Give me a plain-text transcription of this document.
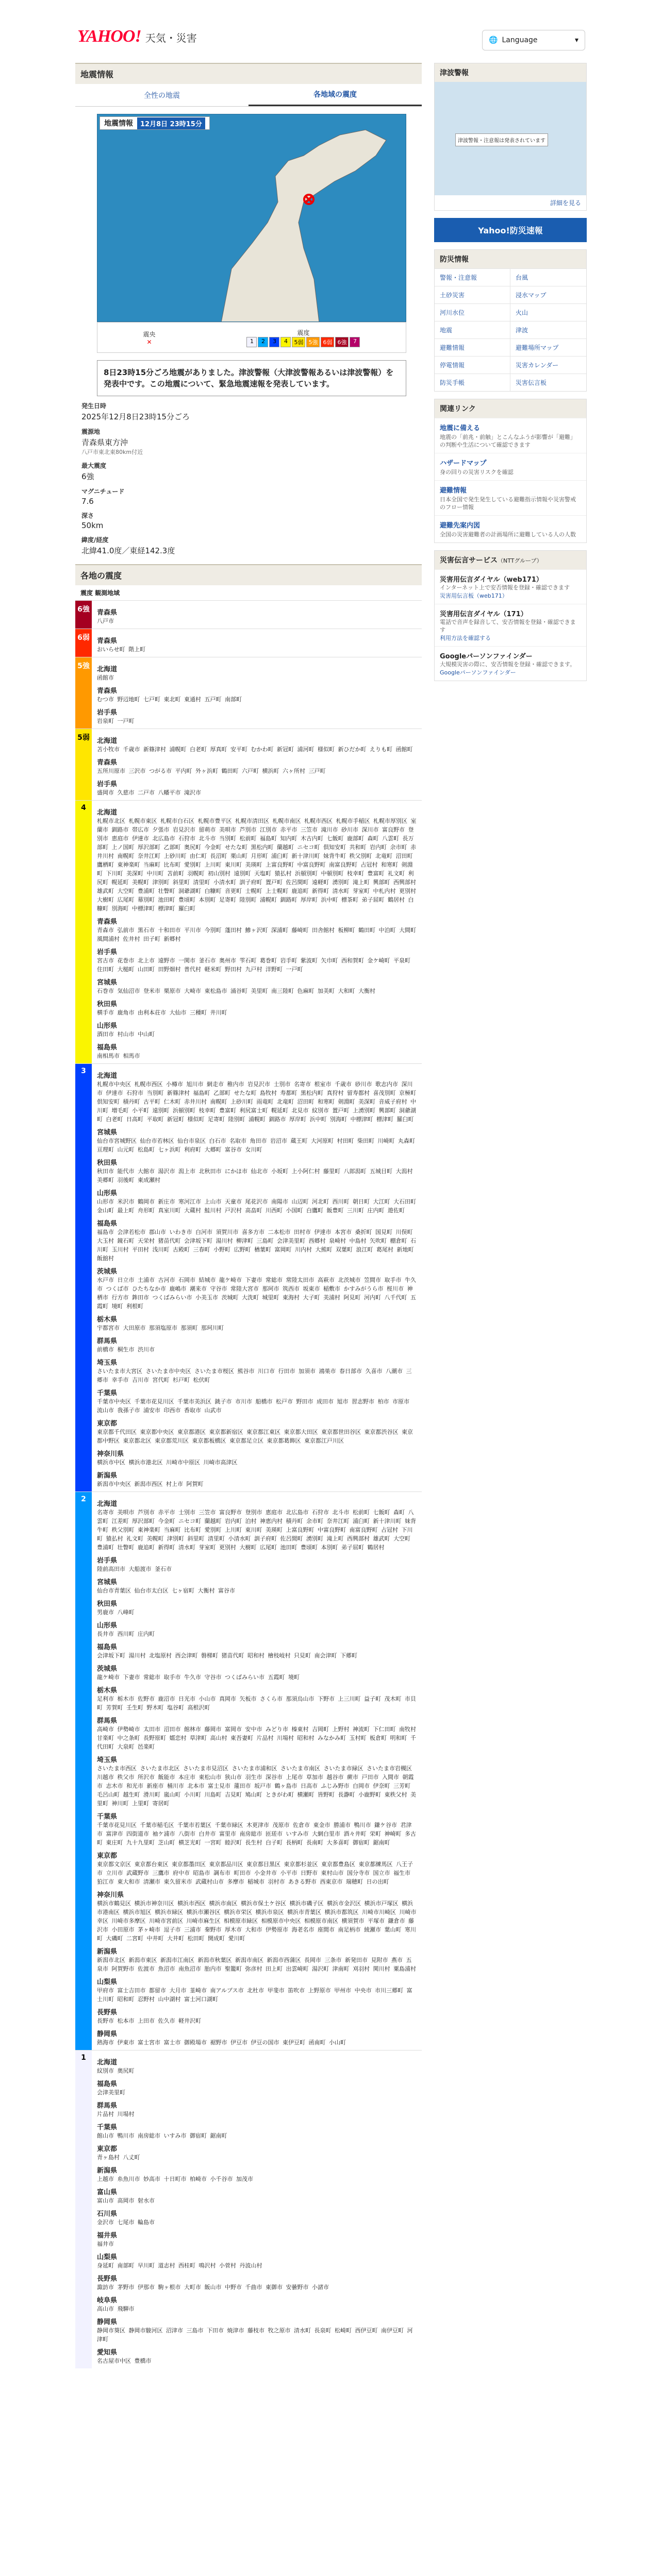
YAHOO! 天気・災害	🌐 Language	▾
地震情報
全性の地震	各地域の震度
地震情報	12月8日 23時15分
震央
✕
震度
1	2	3	4	5弱 5強 6弱 6強	7
8日23時15分ごろ地震がありました。津波警報（大津波警報あるいは津波警報）を発表中です。この地震について、緊急地震速報を発表しています。
発生日時
2025年12月8日23時15分ごろ
震源地
青森県東方沖
八戸市東北東80km付近
最大震度
6強
マグニチュード
7.6
深さ
50km
緯度/経度
北緯41.0度／東経142.3度
各地の震度
震度 観測地域
6強	青森県
八戸市
6弱	青森県
おいらせ町 階上町
5強	北海道
函館市
青森県
むつ市 野辺地町 七戸町 東北町 東通村 五戸町 南部町
岩手県
岩泉町 一戸町
5弱	北海道
苫小牧市 千歳市 新篠津村 浦幌町 白老町 厚真町 安平町 むかわ町 新冠町 浦河町 様似町 新ひだか町 えりも町 函館町
青森県
五所川原市 三沢市 つがる市 平内町 外ヶ浜町 鶴田町 六戸町 横浜町 六ヶ所村 三戸町
岩手県
盛岡市 久慈市 二戸市 八幡平市 滝沢市
4
北海道
札幌市北区 札幌市東区 札幌市白石区 札幌市豊平区 札幌市清田区 札幌市南区 札幌市西区 札幌市手稲区 札幌市厚別区 室蘭市 釧路市 帯広市 夕張市 岩見沢市 留萌市 美唄市 芦別市 江別市 赤平市 三笠市 滝川市 砂川市 深川市 富良野市 登別市 恵庭市 伊達市 北広島市 石狩市 北斗市 当別町 松前町 福島町 知内町 木古内町 七飯町 鹿部町 森町 八雲町 長万部町 上ノ国町 厚沢部町 乙部町 奥尻町 今金町 せたな町 黒松内町 蘭越町 ニセコ町 倶知安町 共和町 岩内町 余市町 赤井川村 南幌町 奈井江町 上砂川町 由仁町 長沼町 栗山町 月形町 浦臼町 新十津川町 妹背牛町 秩父別町 北竜町 沼田町 鷹栖町 東神楽町 当麻町 比布町 愛別町 上川町 東川町 美瑛町 上富良野町 中富良野町 南富良野町 占冠村 和寒町 剣淵町 下川町 美深町 中川町 苫前町 羽幌町 初山別村 遠別町 天塩町 猿払村 浜頓別町 中頓別町 枝幸町 豊富町 礼文町 利尻町 幌延町 美幌町 津別町 斜里町 清里町 小清水町 訓子府町 置戸町 佐呂間町 遠軽町 湧別町 滝上町 興部町 西興部村 雄武町 大空町 豊浦町 壮瞥町 洞爺湖町 白糠町 音更町 士幌町 上士幌町 鹿追町 新得町 清水町 芽室町 中札内村 更別村 大樹町 広尾町 幕別町 池田町 豊頃町 本別町 足寄町 陸別町 浦幌町 釧路町 厚岸町 浜中町 標茶町 弟子屈町 鶴居村 白糠町 別海町 中標津町 標津町 羅臼町
青森県
青森市 弘前市 黒石市 十和田市 平川市 今別町 蓬田村 鰺ヶ沢町 深浦町 藤崎町 田舎館村 板柳町 鶴田町 中泊町 大間町 風間浦村 佐井村 田子町 新郷村
岩手県
宮古市 花巻市 北上市 遠野市 一関市 釜石市 奥州市 雫石町 葛巻町 岩手町 紫波町 矢巾町 西和賀町 金ケ崎町 平泉町 住田町 大槌町 山田町 田野畑村 普代村 軽米町 野田村 九戸村 洋野町 一戸町
宮城県
石巻市 気仙沼市 登米市 栗原市 大崎市 東松島市 涌谷町 美里町 南三陸町 色麻町 加美町 大和町 大衡村
秋田県
横手市 鹿角市 由利本荘市 大仙市 三種町 井川町
山形県
酒田市 村山市 中山町
福島県
南相馬市 相馬市
3
北海道
札幌市中央区 札幌市西区 小樽市 旭川市 網走市 稚内市 岩見沢市 士別市 名寄市 根室市 千歳市 砂川市 歌志内市 深川市 伊達市 石狩市 当別町 新篠津村 福島町 乙部町 せたな町 島牧村 寿都町 黒松内町 真狩村 留寿都村 喜茂別町 京極町 倶知安町 積丹町 古平町 仁木町 赤井川村 南幌町 上砂川町 雨竜町 北竜町 沼田町 和寒町 剣淵町 美深町 音威子府村 中川町 増毛町 小平町 遠別町 浜頓別町 枝幸町 豊富町 利尻富士町 幌延町 北見市 紋別市 置戸町 上湧別町 興部町 洞爺湖町 白老町 日高町 平取町 新冠町 様似町 足寄町 陸別町 浦幌町 釧路市 厚岸町 浜中町 別海町 中標津町 標津町 羅臼町
宮城県
仙台市宮城野区 仙台市若林区 仙台市泉区 白石市 名取市 角田市 岩沼市 蔵王町 大河原町 村田町 柴田町 川崎町 丸森町 亘理町 山元町 松島町 七ヶ浜町 利府町 大郷町 富谷市 女川町
秋田県
秋田市 能代市 大館市 湯沢市 潟上市 北秋田市 にかほ市 仙北市 小坂町 上小阿仁村 藤里町 八郎潟町 五城目町 大潟村 美郷町 羽後町 東成瀬村
山形県
山形市 米沢市 鶴岡市 新庄市 寒河江市 上山市 天童市 尾花沢市 南陽市 山辺町 河北町 西川町 朝日町 大江町 大石田町 金山町 最上町 舟形町 真室川町 大蔵村 鮭川村 戸沢村 高畠町 川西町 小国町 白鷹町 飯豊町 三川町 庄内町 遊佐町
福島県
福島市 会津若松市 郡山市 いわき市 白河市 須賀川市 喜多方市 二本松市 田村市 伊達市 本宮市 桑折町 国見町 川俣町 大玉村 鏡石町 天栄村 猪苗代町 会津坂下町 湯川村 柳津町 三島町 会津美里町 西郷村 泉崎村 中島村 矢吹町 棚倉町 石川町 玉川村 平田村 浅川町 古殿町 三春町 小野町 広野町 楢葉町 富岡町 川内村 大熊町 双葉町 浪江町 葛尾村 新地町 飯舘村
茨城県
水戸市 日立市 土浦市 古河市 石岡市 結城市 龍ケ崎市 下妻市 常総市 常陸太田市 高萩市 北茨城市 笠間市 取手市 牛久市 つくば市 ひたちなか市 鹿嶋市 潮来市 守谷市 常陸大宮市 那珂市 筑西市 坂東市 稲敷市 かすみがうら市 桜川市 神栖市 行方市 鉾田市 つくばみらい市 小美玉市 茨城町 大洗町 城里町 東海村 大子町 美浦村 阿見町 河内町 八千代町 五霞町 境町 利根町
栃木県
宇都宮市 大田原市 那須塩原市 那須町 那珂川町
群馬県
前橋市 桐生市 渋川市
埼玉県
さいたま市大宮区 さいたま市中央区 さいたま市桜区 熊谷市 川口市 行田市 加須市 鴻巣市 春日部市 久喜市 八潮市 三郷市 幸手市 吉川市 宮代町 杉戸町 松伏町
千葉県
千葉市中央区 千葉市花見川区 千葉市美浜区 銚子市 市川市 船橋市 松戸市 野田市 成田市 旭市 習志野市 柏市 市原市 流山市 我孫子市 浦安市 印西市 香取市 山武市
東京都
東京都千代田区 東京都中央区 東京都港区 東京都新宿区 東京都江東区 東京都大田区 東京都世田谷区 東京都渋谷区 東京都中野区 東京都北区 東京都荒川区 東京都板橋区 東京都足立区 東京都葛飾区 東京都江戸川区
神奈川県
横浜市中区 横浜市港北区 川崎市中原区 川崎市高津区
新潟県
新潟市中央区 新潟市西区 村上市 阿賀町
2
北海道
名寄市 美唄市 芦別市 赤平市 士別市 三笠市 富良野市 登別市 恵庭市 北広島市 石狩市 北斗市 松前町 七飯町 森町 八雲町 江差町 厚沢部町 今金町 ニセコ町 蘭越町 岩内町 泊村 神恵内村 積丹町 余市町 奈井江町 浦臼町 新十津川町 妹背牛町 秩父別町 東神楽町 当麻町 比布町 愛別町 上川町 東川町 美瑛町 上富良野町 中富良野町 南富良野町 占冠村 下川町 猿払村 礼文町 美幌町 津別町 斜里町 清里町 小清水町 訓子府町 佐呂間町 湧別町 滝上町 西興部村 雄武町 大空町 豊浦町 壮瞥町 鹿追町 新得町 清水町 芽室町 更別村 大樹町 広尾町 池田町 豊頃町 本別町 弟子屈町 鶴居村
岩手県
陸前高田市 大船渡市 釜石市
宮城県
仙台市青葉区 仙台市太白区 七ヶ宿町 大衡村 富谷市
秋田県
男鹿市 八峰町
山形県
長井市 西川町 庄内町
福島県
会津坂下町 湯川村 北塩原村 西会津町 磐梯町 猪苗代町 昭和村 檜枝岐村 只見町 南会津町 下郷町
茨城県
龍ケ崎市 下妻市 常総市 取手市 牛久市 守谷市 つくばみらい市 五霞町 境町
栃木県
足利市 栃木市 佐野市 鹿沼市 日光市 小山市 真岡市 矢板市 さくら市 那須烏山市 下野市 上三川町 益子町 茂木町 市貝町 芳賀町 壬生町 野木町 塩谷町 高根沢町
群馬県
高崎市 伊勢崎市 太田市 沼田市 館林市 藤岡市 富岡市 安中市 みどり市 榛東村 吉岡町 上野村 神流町 下仁田町 南牧村 甘楽町 中之条町 長野原町 嬬恋村 草津町 高山村 東吾妻町 片品村 川場村 昭和村 みなかみ町 玉村町 板倉町 明和町 千代田町 大泉町 邑楽町
埼玉県
さいたま市西区 さいたま市北区 さいたま市見沼区 さいたま市浦和区 さいたま市南区 さいたま市緑区 さいたま市岩槻区 川越市 秩父市 所沢市 飯能市 本庄市 東松山市 狭山市 羽生市 深谷市 上尾市 草加市 越谷市 蕨市 戸田市 入間市 朝霞市 志木市 和光市 新座市 桶川市 北本市 富士見市 蓮田市 坂戸市 鶴ヶ島市 日高市 ふじみ野市 白岡市 伊奈町 三芳町 毛呂山町 越生町 滑川町 嵐山町 小川町 川島町 吉見町 鳩山町 ときがわ町 横瀬町 皆野町 長瀞町 小鹿野町 東秩父村 美里町 神川町 上里町 寄居町
千葉県
千葉市花見川区 千葉市稲毛区 千葉市若葉区 千葉市緑区 木更津市 茂原市 佐倉市 東金市 勝浦市 鴨川市 鎌ケ谷市 君津市 富津市 四街道市 袖ケ浦市 八街市 白井市 富里市 南房総市 匝瑳市 いすみ市 大網白里市 酒々井町 栄町 神崎町 多古町 東庄町 九十九里町 芝山町 横芝光町 一宮町 睦沢町 長生村 白子町 長柄町 長南町 大多喜町 御宿町 鋸南町
東京都
東京都文京区 東京都台東区 東京都墨田区 東京都品川区 東京都目黒区 東京都杉並区 東京都豊島区 東京都練馬区 八王子市 立川市 武蔵野市 三鷹市 府中市 昭島市 調布市 町田市 小金井市 小平市 日野市 東村山市 国分寺市 国立市 福生市 狛江市 東大和市 清瀬市 東久留米市 武蔵村山市 多摩市 稲城市 羽村市 あきる野市 西東京市 瑞穂町 日の出町
神奈川県
横浜市鶴見区 横浜市神奈川区 横浜市西区 横浜市南区 横浜市保土ケ谷区 横浜市磯子区 横浜市金沢区 横浜市戸塚区 横浜市港南区 横浜市旭区 横浜市緑区 横浜市瀬谷区 横浜市栄区 横浜市泉区 横浜市青葉区 横浜市都筑区 川崎市川崎区 川崎市幸区 川崎市多摩区 川崎市宮前区 川崎市麻生区 相模原市緑区 相模原市中央区 相模原市南区 横須賀市 平塚市 鎌倉市 藤沢市 小田原市 茅ヶ崎市 逗子市 三浦市 秦野市 厚木市 大和市 伊勢原市 海老名市 座間市 南足柄市 綾瀬市 葉山町 寒川町 大磯町 二宮町 中井町 大井町 松田町 開成町 愛川町
新潟県
新潟市北区 新潟市東区 新潟市江南区 新潟市秋葉区 新潟市南区 新潟市西蒲区 長岡市 三条市 新発田市 見附市 燕市 五泉市 阿賀野市 佐渡市 魚沼市 南魚沼市 胎内市 聖籠町 弥彦村 田上町 出雲崎町 湯沢町 津南町 刈羽村 関川村 粟島浦村
山梨県
甲府市 富士吉田市 都留市 大月市 韮崎市 南アルプス市 北杜市 甲斐市 笛吹市 上野原市 甲州市 中央市 市川三郷町 富士川町 昭和町 忍野村 山中湖村 富士河口湖町
長野県
長野市 松本市 上田市 佐久市 軽井沢町
静岡県
熱海市 伊東市 富士宮市 富士市 御殿場市 裾野市 伊豆市 伊豆の国市 東伊豆町 函南町 小山町
1
北海道
紋別市 奥尻町
福島県
会津美里町
群馬県
片品村 川場村
千葉県
館山市 鴨川市 南房総市 いすみ市 御宿町 鋸南町
東京都
青ヶ島村 八丈町
新潟県
上越市 糸魚川市 妙高市 十日町市 柏崎市 小千谷市 加茂市
富山県
富山市 高岡市 射水市
石川県
金沢市 七尾市 輪島市
福井県
福井市
山梨県
身延町 南部町 早川町 道志村 西桂町 鳴沢村 小菅村 丹波山村
長野県
諏訪市 茅野市 伊那市 駒ヶ根市 大町市 飯山市 中野市 千曲市 東御市 安曇野市 小諸市
岐阜県
高山市 飛騨市
静岡県
静岡市葵区 静岡市駿河区 沼津市 三島市 下田市 焼津市 藤枝市 牧之原市 清水町 長泉町 松崎町 西伊豆町 南伊豆町 河津町
愛知県
名古屋市中区 豊橋市
津波警報
津波警報・注意報は発表されています
詳細を見る
Yahoo!防災速報
防災情報
警報・注意報	台風
土砂災害	浸水マップ
河川水位	火山
地震	津波
避難情報	避難場所マップ
停電情報	災害カレンダー
防災手帳	災害伝言板
関連リンク
地震に備える
地震の「前兆・前触」とこんなふうが影響が「避難」の判断や生活について確認できます
ハザードマップ
身の回りの災害リスクを確認
避難情報
日本全国で発生発生している避難指示情報や災害警戒のフロー情報
避難先案内図
全国の災害避難者の計画場所に避難している人の人数
災害伝言サービス（NTTグループ）
災害用伝言ダイヤル（web171）
インターネット上で安否情報を登録・確認できます
災害用伝言板（web171）
災害用伝言ダイヤル（171）
電話で音声を録音して、安否情報を登録・確認できます
利用方法を確認する
Googleパーソンファインダー
大規模災害の際に、安否情報を登録・確認できます。
Googleパーソンファインダー
